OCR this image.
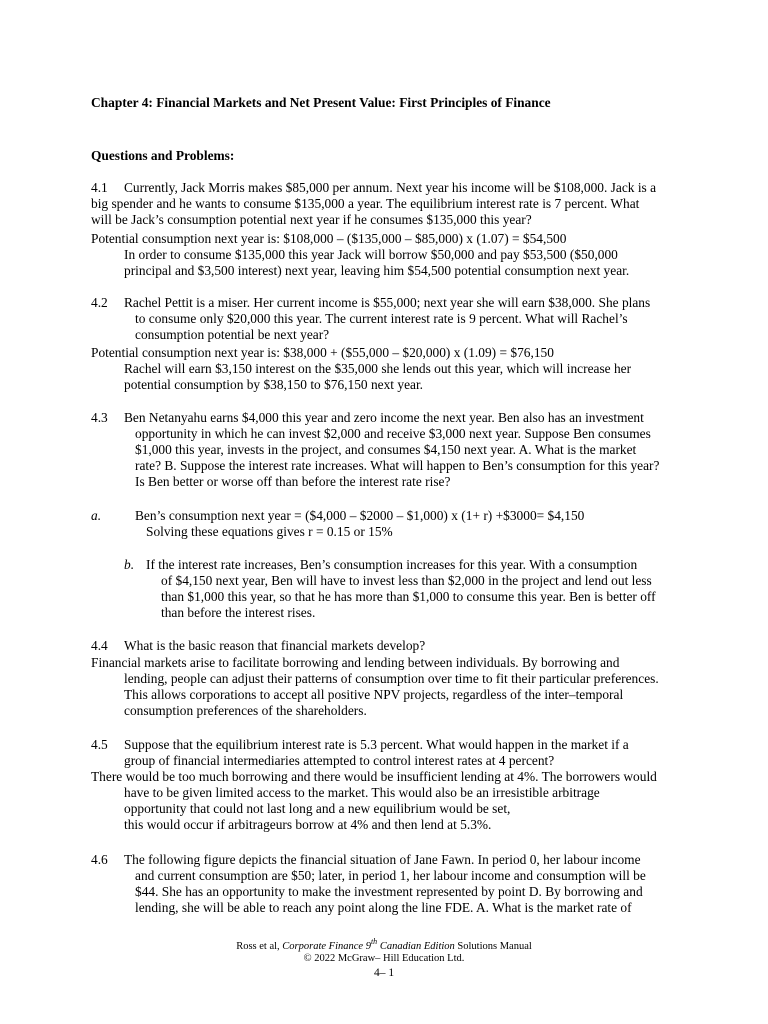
Chapter 4: Financial Markets and Net Present Value: First Principles of Finance
Questions and Problems:
4.1 Currently, Jack Morris makes $85,000 per annum. Next year his income will be $108,000. Jack is a
big spender and he wants to consume $135,000 a year. The equilibrium interest rate is 7 percent. What
will be Jack’s consumption potential next year if he consumes $135,000 this year?
Potential consumption next year is: $108,000 – ($135,000 – $85,000) x (1.07) = $54,500
In order to consume $135,000 this year Jack will borrow $50,000 and pay $53,500 ($50,000
principal and $3,500 interest) next year, leaving him $54,500 potential consumption next year.
4.2 Rachel Pettit is a miser. Her current income is $55,000; next year she will earn $38,000. She plans
to consume only $20,000 this year. The current interest rate is 9 percent. What will Rachel’s
consumption potential be next year?
Potential consumption next year is: $38,000 + ($55,000 – $20,000) x (1.09) = $76,150
Rachel will earn $3,150 interest on the $35,000 she lends out this year, which will increase her
potential consumption by $38,150 to $76,150 next year.
4.3 Ben Netanyahu earns $4,000 this year and zero income the next year. Ben also has an investment
opportunity in which he can invest $2,000 and receive $3,000 next year. Suppose Ben consumes
$1,000 this year, invests in the project, and consumes $4,150 next year. A. What is the market
rate? B. Suppose the interest rate increases. What will happen to Ben’s consumption for this year?
Is Ben better or worse off than before the interest rate rise?
a.	Ben’s consumption next year = ($4,000 – $2000 – $1,000) x (1+ r) +$3000= $4,150
Solving these equations gives r = 0.15 or 15%
b. If the interest rate increases, Ben’s consumption increases for this year. With a consumption
of $4,150 next year, Ben will have to invest less than $2,000 in the project and lend out less
than $1,000 this year, so that he has more than $1,000 to consume this year. Ben is better off
than before the interest rises.
4.4 What is the basic reason that financial markets develop?
Financial markets arise to facilitate borrowing and lending between individuals. By borrowing and
lending, people can adjust their patterns of consumption over time to fit their particular preferences.
This allows corporations to accept all positive NPV projects, regardless of the inter–temporal
consumption preferences of the shareholders.
4.5 Suppose that the equilibrium interest rate is 5.3 percent. What would happen in the market if a
group of financial intermediaries attempted to control interest rates at 4 percent?
There would be too much borrowing and there would be insufficient lending at 4%. The borrowers would
have to be given limited access to the market. This would also be an irresistible arbitrage
opportunity that could not last long and a new equilibrium would be set,
this would occur if arbitrageurs borrow at 4% and then lend at 5.3%.
4.6 The following figure depicts the financial situation of Jane Fawn. In period 0, her labour income
and current consumption are $50; later, in period 1, her labour income and consumption will be
$44. She has an opportunity to make the investment represented by point D. By borrowing and
lending, she will be able to reach any point along the line FDE. A. What is the market rate of
Ross et al, Corporate Finance 9th Canadian Edition Solutions Manual
© 2022 McGraw– Hill Education Ltd.
4– 1
